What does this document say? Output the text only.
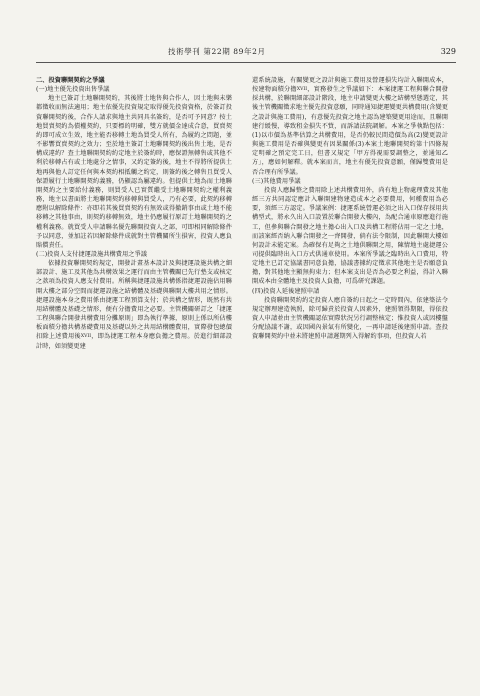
技術學刊 第22期 89年2月	329

二、投資聯開契約之爭議

(一)地主優先投資出售爭議

地主已簽訂土地聯開契約，其後將土地售與合作人，因土地與未樂都徵收而無法適用；地主依優先投資規定取得優先投資資格，於簽訂投資聯開契約後，合作人請求與地主共同具名簽約，是否可予同意？按土地買賣契約為債權契約，只要標的明確，雙方就價金達成合意，買賣契約即可成立生效，地主能否移轉土地為買受人所有，為履約之問題，並不影響買賣契約之效力；至於地主簽訂土地聯開契約後出售土地，是否構成違約？查土地聯開契約約定地主於簽約時，應保證無轉售或其他不利於移轉占有或土地處分之情事，又約定簽約後，地主不得將所提供土地再與他人訂定任何與本契約相抵觸之約定，則簽約後之轉售且買受人保證履行土地聯開契約義務，仍顯認為屬違約。但提供土地為而土地聯開契約之主要給付義務，則買受人已實質繼受土地聯開契約之權利義務，地主以書面將土地聯開契約移轉與買受人，乃有必要，此契約移轉應附以解除條件：亦即若其後買賣契約有無效或得撤銷事由或土地不能移轉之其他事由，則契約移轉無效，地主仍應履行原訂土地聯開契約之權利義務。就買受人申請聯名優先聯開投資人之部，可即相同解除條件予以同意，並加註若因解除條件成就對主管機關所生損害，投資人應負賠償責任。

(二)投資人支付捷運設施共構費用之爭議

依據投資聯開契約規定，開發計畫基本設計及與捷運設施共構之細部設計、施工及其他為共構效果之運行而由主管機關已先行墊支或核定之款項為投資人應支付費用。所稱與捷運設施共構係指捷運設施佔用聯開大樓之部分空間而捷運設施之結構體及基礎與聯開大樓共用之情形。捷運設施本身之費用係由捷運工程預算支付；於共構之情形，既然有共用結構體及基礎之情形，便有分擔費用之必要。主管機關研訂之「捷運工程與聯合開發共構費用分攤原則」即為執行準據，原則上係以所佔樓板面積分擔共構基礎費用及基礎以外之共用結構體費用，實際發包總價扣除上述費用後$^{XVII}$，即為捷運工程本身應負擔之費用。於進行細部設計時，如須變更建

還系統設施，有關變更之設計與施工費用及營運損失均計入聯開成本，按建物面積分擔$^{XVII}$，實務發生之爭議如下：本案捷運工程與聯合開發採共構，於聯開細部設計階段，地主申請變更大樓之結構型態選定，其後主管機關徵求地主優先投資意願，同時通知捷運變更共構費用(含變更之設計與施工費用)，有意優先投資之地主認為建築變更用途而，且聯開建行緩慢，導致租金損失不貲，而訴請法院調解。本案之爭執點包括：(1)以市價為基準估算之共構費用，是否仍較民間造價為高(2)變更設計與施工費用是否確與變更有因果關係(3)本案土地聯開契約第十四條規定明確之預定完工日，但書又規定「甲方得視需要調整之，並通知乙方」，應如何解釋。就本案而言，地主有優先投資意願，僅歸雙費用是否合理有所爭議。

(三)其他費用爭議

投資人應歸整之費用除上述共構費用外，尚有地上物處理費及其他經三方共同認定應計入聯開建物建造成本之必要費用，何種費用為必要，須經三方認定。爭議案例：捷運系統營運必須之出入口保存採用共構型式，將永久出入口設置於聯合開發大樓內，為配合通車原應進行施工，但參與聯合開發之地主擔心出入口及共構工程將佔用一定之土地，而該案經否納入聯合開發之一齊開發，倘有法令限制，因此聯開大樓如何設計未能定案。為確保有足夠之土地供聯開之用，陳情地主處捷運公司提供臨時出入口方式供通車使用。本案所爭議之臨時出入口費用，特定地主已訂定協議書同意負擔，協議書據約定徵求其他地主是否願意負擔，對其他地主顯無拘束力；但本案支出是否為必要之利益，得計入聯開成本由全體地主及投資人負擔，可爲研究課題。

(四)投資人延後建照申請

投資聯開契約約定投資人應自簽約日起之一定時間內，依建築法令規定辦理建造執照，除可歸責於投資人因素外，建照領得期限，得依投資人申請並由主管機關認依實際狀況另行調整核定；惟投資人或因樓盤分配協議不謝，或因國內景氣有所變化，一再申請延後建照申請。查投資聯開契約中並未將建照申請遲期列入得解約事項，但投資人若
